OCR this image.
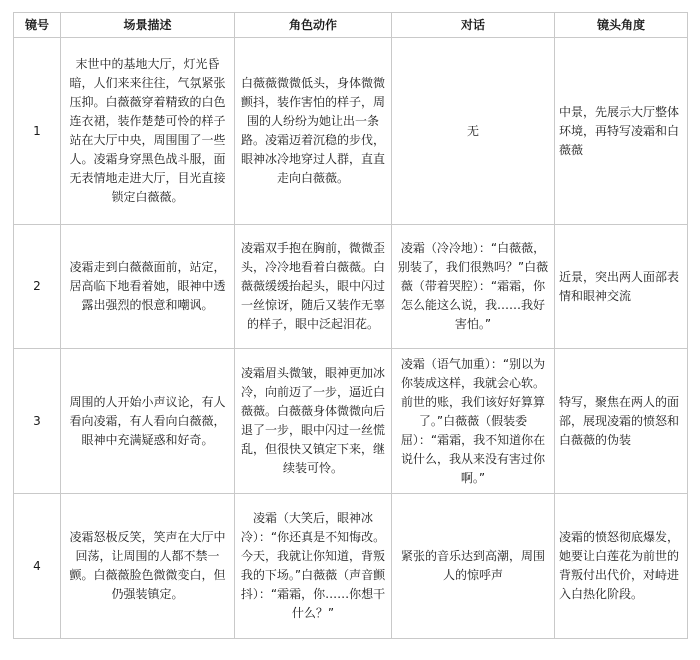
镜号	场景描述	角色动作	对话	镜头角度

1	末世中的基地大厅，灯光昏暗，人们来来往往，气氛紧张压抑。白薇薇穿着精致的白色连衣裙，装作楚楚可怜的样子站在大厅中央，周围围了一些人。凌霜身穿黑色战斗服，面无表情地走进大厅，目光直接锁定白薇薇。	白薇薇微微低头，身体微微颤抖，装作害怕的样子，周围的人纷纷为她让出一条路。凌霜迈着沉稳的步伐，眼神冰冷地穿过人群，直直走向白薇薇。	无	中景，先展示大厅整体环境，再特写凌霜和白薇薇

2	凌霜走到白薇薇面前，站定，居高临下地看着她，眼神中透露出强烈的恨意和嘲讽。	凌霜双手抱在胸前，微微歪头，冷冷地看着白薇薇。白薇薇缓缓抬起头，眼中闪过一丝惊讶，随后又装作无辜的样子，眼中泛起泪花。	凌霜（冷冷地）：“白薇薇，别装了，我们很熟吗？”白薇薇（带着哭腔）：“霜霜，你怎么能这么说，我……我好害怕。”	近景，突出两人面部表情和眼神交流

3	周围的人开始小声议论，有人看向凌霜，有人看向白薇薇，眼神中充满疑惑和好奇。	凌霜眉头微皱，眼神更加冰冷，向前迈了一步，逼近白薇薇。白薇薇身体微微向后退了一步，眼中闪过一丝慌乱，但很快又镇定下来，继续装可怜。	凌霜（语气加重）：“别以为你装成这样，我就会心软。前世的账，我们该好好算算了。”白薇薇（假装委屈）：“霜霜，我不知道你在说什么，我从来没有害过你啊。”	特写，聚焦在两人的面部，展现凌霜的愤怒和白薇薇的伪装

4	凌霜怒极反笑，笑声在大厅中回荡，让周围的人都不禁一颤。白薇薇脸色微微变白，但仍强装镇定。	凌霜（大笑后，眼神冰冷）：“你还真是不知悔改。今天，我就让你知道，背叛我的下场。”白薇薇（声音颤抖）：“霜霜，你……你想干什么？”	紧张的音乐达到高潮，周围人的惊呼声	凌霜的愤怒彻底爆发，她要让白莲花为前世的背叛付出代价，对峙进入白热化阶段。
